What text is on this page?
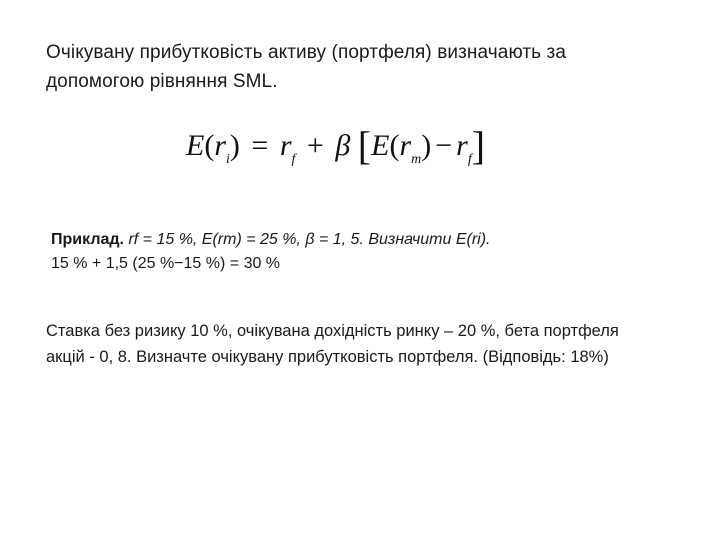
Очікувану прибутковість активу (портфеля) визначають за
допомогою рівняння SML.
$E(r_i) = r_f + \beta$ $[E(r_m) - r_f]$
Приклад. rf = 15 %, E(rm) = 25 %, β = 1, 5. Визначити E(ri).
15 % + 1,5 (25 %−15 %) = 30 %
Ставка без ризику 10 %, очікувана дохідність ринку – 20 %, бета портфеля
акцій - 0, 8. Визначте очікувану прибутковість портфеля. (Відповідь: 18%)
